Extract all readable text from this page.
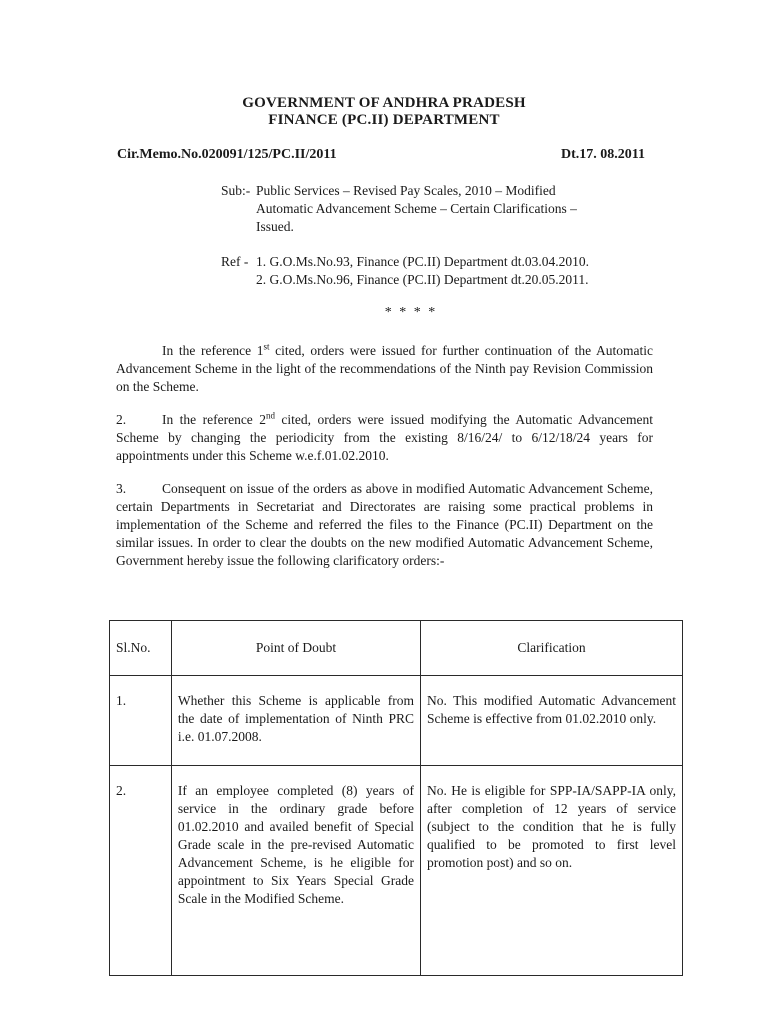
GOVERNMENT OF ANDHRA PRADESH
FINANCE (PC.II) DEPARTMENT
Cir.Memo.No.020091/125/PC.II/2011	Dt.17. 08.2011
Sub:- Public Services – Revised Pay Scales, 2010 – Modified
Automatic Advancement Scheme – Certain Clarifications –
Issued.
Ref - 1. G.O.Ms.No.93, Finance (PC.II) Department dt.03.04.2010.
2. G.O.Ms.No.96, Finance (PC.II) Department dt.20.05.2011.
* * * *
In the reference 1st cited, orders were issued for further continuation of the Automatic Advancement Scheme in the light of the recommendations of the Ninth pay Revision Commission on the Scheme.
2.	In the reference 2nd cited, orders were issued modifying the Automatic Advancement Scheme by changing the periodicity from the existing 8/16/24/ to 6/12/18/24 years for appointments under this Scheme w.e.f.01.02.2010.
3.	Consequent on issue of the orders as above in modified Automatic Advancement Scheme, certain Departments in Secretariat and Directorates are raising some practical problems in implementation of the Scheme and referred the files to the Finance (PC.II) Department on the similar issues. In order to clear the doubts on the new modified Automatic Advancement Scheme, Government hereby issue the following clarificatory orders:-
Sl.No.	Point of Doubt	Clarification
1.	Whether this Scheme is applicable from the date of implementation of Ninth PRC i.e. 01.07.2008.	No. This modified Automatic Advancement Scheme is effective from 01.02.2010 only.
2.	If an employee completed (8) years of service in the ordinary grade before 01.02.2010 and availed benefit of Special Grade scale in the pre-revised Automatic Advancement Scheme, is he eligible for appointment to Six Years Special Grade Scale in the Modified Scheme.	No. He is eligible for SPP-IA/SAPP-IA only, after completion of 12 years of service (subject to the condition that he is fully qualified to be promoted to first level promotion post) and so on.
